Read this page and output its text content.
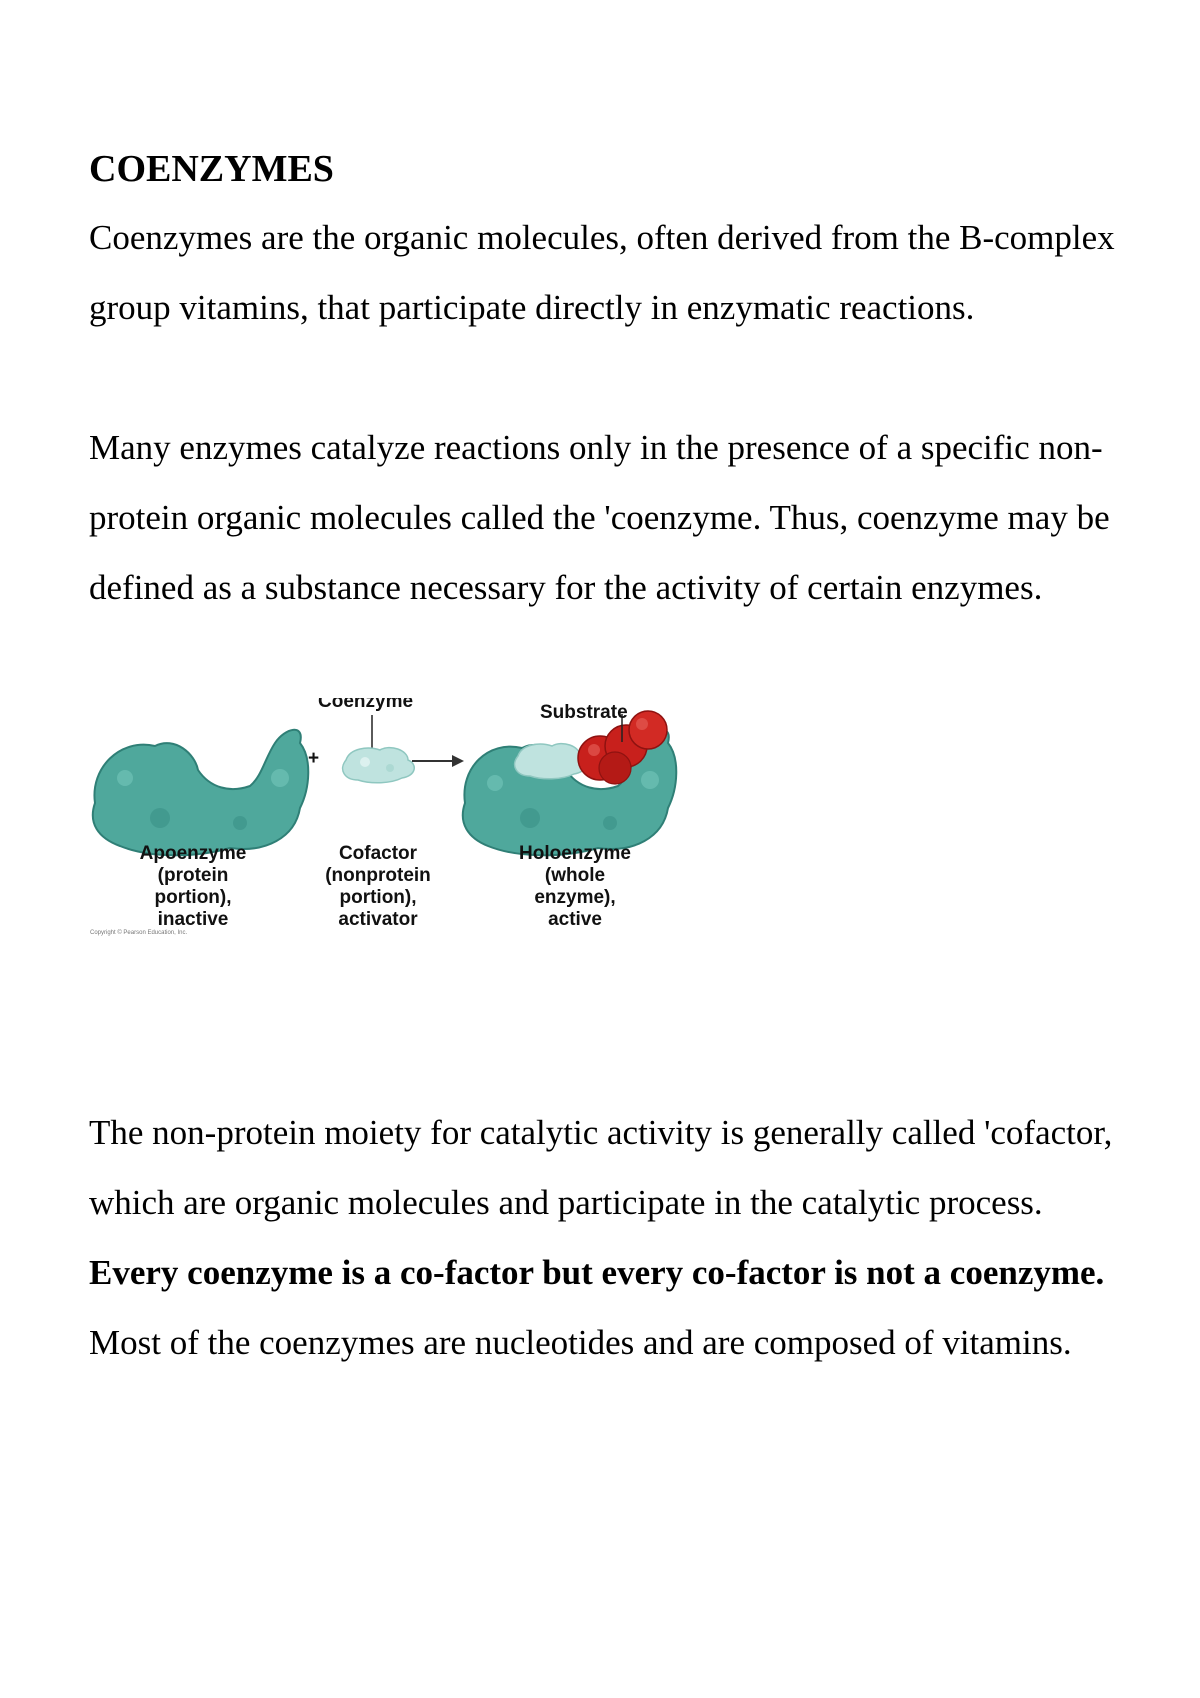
COENZYMES

Coenzymes are the organic molecules, often derived from the B-complex group vitamins, that participate directly in enzymatic reactions.

Many enzymes catalyze reactions only in the presence of a specific non-protein organic molecules called the 'coenzyme. Thus, coenzyme may be defined as a substance necessary for the activity of certain enzymes.

+
Coenzyme
Apoenzyme
(protein
portion),
inactive
Cofactor
(nonprotein
portion),
activator
Holoenzyme
(whole
enzyme),
active
Copyright © Pearson Education, Inc.
Substrate

The non-protein moiety for catalytic activity is generally called 'cofactor, which are organic molecules and participate in the catalytic process. Every coenzyme is a co-factor but every co-factor is not a coenzyme. Most of the coenzymes are nucleotides and are composed of vitamins.
